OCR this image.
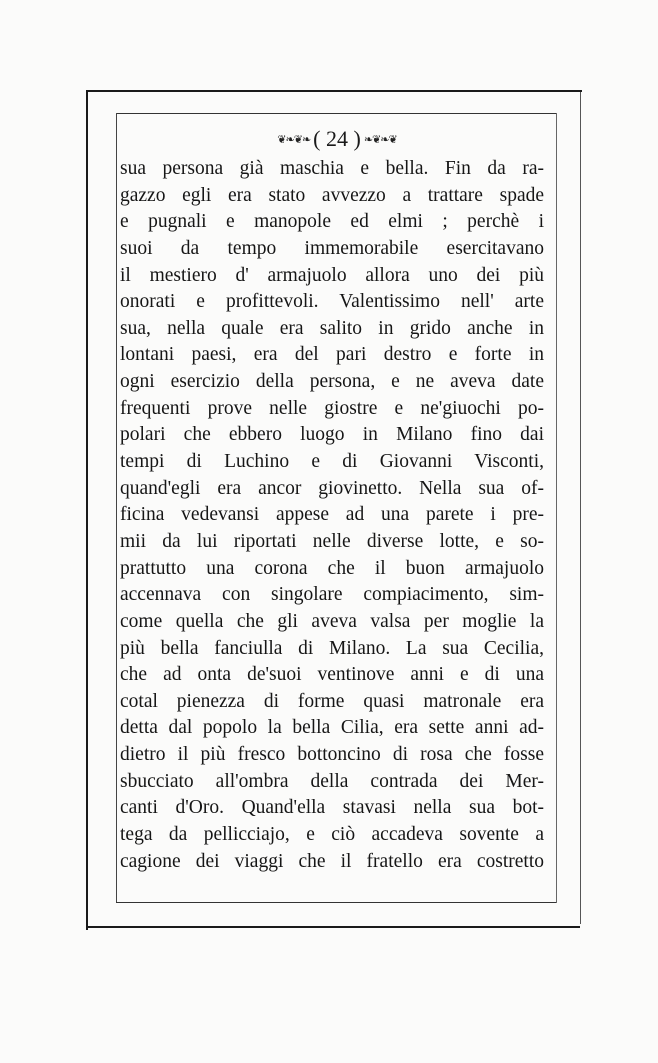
❦❧❦❧ ( 24 ) ❧❦❧❦
sua persona già maschia e bella. Fin da ra-
gazzo egli era stato avvezzo a trattare spade
e pugnali e manopole ed elmi ; perchè i
suoi da tempo immemorabile esercitavano
il mestiero d' armajuolo allora uno dei più
onorati e profittevoli. Valentissimo nell' arte
sua, nella quale era salito in grido anche in
lontani paesi, era del pari destro e forte in
ogni esercizio della persona, e ne aveva date
frequenti prove nelle giostre e ne'giuochi po-
polari che ebbero luogo in Milano fino dai
tempi di Luchino e di Giovanni Visconti,
quand'egli era ancor giovinetto. Nella sua of-
ficina vedevansi appese ad una parete i pre-
mii da lui riportati nelle diverse lotte, e so-
prattutto una corona che il buon armajuolo
accennava con singolare compiacimento, sim-
come quella che gli aveva valsa per moglie la
più bella fanciulla di Milano. La sua Cecilia,
che ad onta de'suoi ventinove anni e di una
cotal pienezza di forme quasi matronale era
detta dal popolo la bella Cilia, era sette anni ad-
dietro il più fresco bottoncino di rosa che fosse
sbucciato all'ombra della contrada dei Mer-
canti d'Oro. Quand'ella stavasi nella sua bot-
tega da pellicciajo, e ciò accadeva sovente a
cagione dei viaggi che il fratello era costretto
